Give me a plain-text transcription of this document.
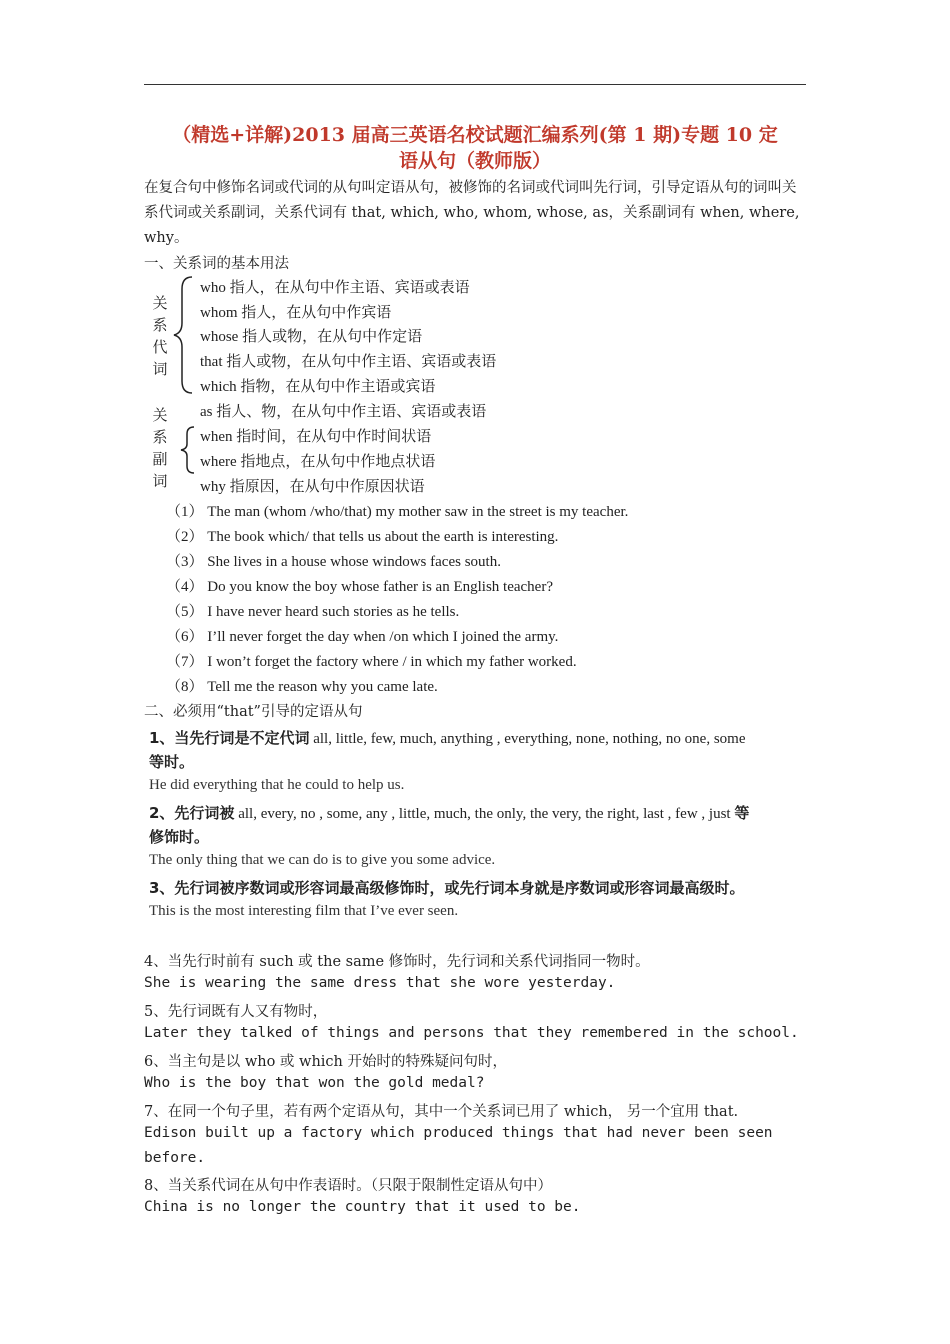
（精选+详解)2013 届高三英语名校试题汇编系列(第 1 期)专题 10 定
语从句（教师版）
在复合句中修饰名词或代词的从句叫定语从句，被修饰的名词或代词叫先行词，引导定语从句的词叫关系代词或关系副词，关系代词有 that, which, who, whom, whose, as，关系副词有 when, where, why。
一、关系词的基本用法
关
系
代
词
who 指人，在从句中作主语、宾语或表语
whom 指人，在从句中作宾语
whose 指人或物，在从句中作定语
that 指人或物，在从句中作主语、宾语或表语
which 指物，在从句中作主语或宾语
as 指人、物，在从句中作主语、宾语或表语
关
系
副
词
when 指时间，在从句中作时间状语
where 指地点，在从句中作地点状语
why 指原因，在从句中作原因状语
（1） The man (whom /who/that) my mother saw in the street is my teacher.
（2） The book which/ that tells us about the earth is interesting.
（3） She lives in a house whose windows faces south.
（4） Do you know the boy whose father is an English teacher?
（5） I have never heard such stories as he tells.
（6） I’ll never forget the day when /on which I joined the army.
（7） I won’t forget the factory where / in which my father worked.
（8） Tell me the reason why you came late.
二、必须用“that”引导的定语从句
1、当先行词是不定代词 all, little, few, much, anything , everything, none, nothing, no one, some
等时。
He did everything that he could to help us.
2、先行词被 all, every, no , some, any , little, much, the only, the very, the right, last , few , just 等
修饰时。
The only thing that we can do is to give you some advice.
3、先行词被序数词或形容词最高级修饰时，或先行词本身就是序数词或形容词最高级时。
This is the most interesting film that I’ve ever seen.
4、当先行时前有 such 或 the same 修饰时，先行词和关系代词指同一物时。
She is wearing the same dress that she wore yesterday.
5、先行词既有人又有物时，
Later they talked of things and persons that they remembered in the school.
6、当主句是以 who 或 which 开始时的特殊疑问句时，
Who is the boy that won the gold medal?
7、在同一个句子里，若有两个定语从句，其中一个关系词已用了 which， 另一个宜用 that.
Edison built up a factory which produced things that had never been seen
before.
8、当关系代词在从句中作表语时。（只限于限制性定语从句中）
China is no longer the country that it used to be.
